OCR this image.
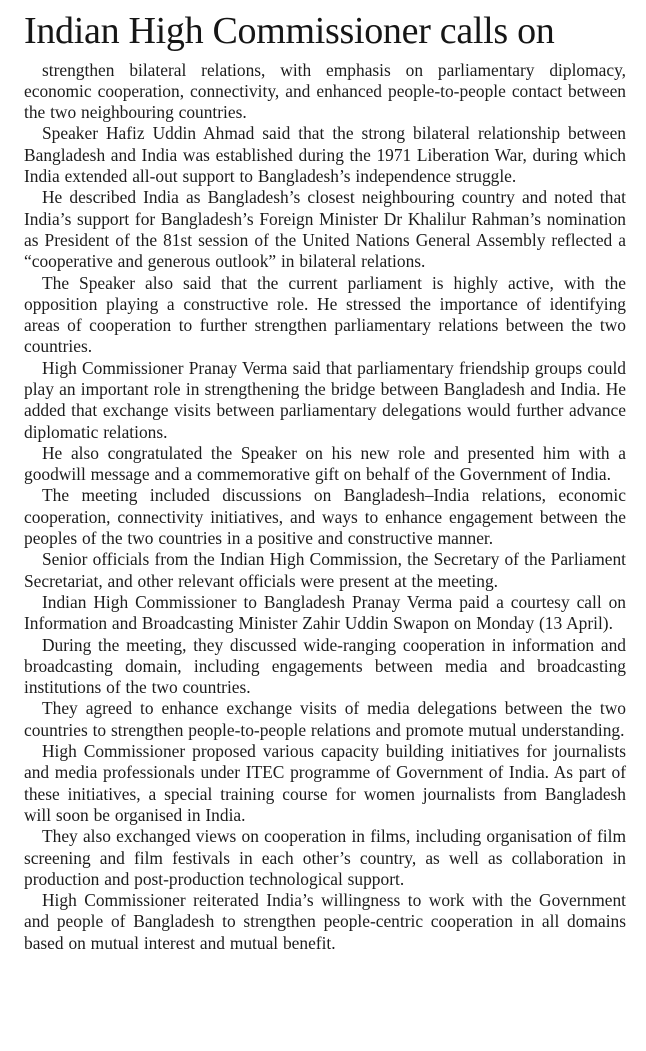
Indian High Commissioner calls on

strengthen bilateral relations, with emphasis on parliamentary diplomacy, economic cooperation, connectivity, and enhanced people-to-people contact between the two neighbouring countries.

Speaker Hafiz Uddin Ahmad said that the strong bilateral relationship between Bangladesh and India was established during the 1971 Liberation War, during which India extended all-out support to Bangladesh’s independence struggle.

He described India as Bangladesh’s closest neighbouring country and noted that India’s support for Bangladesh’s Foreign Minister Dr Khalilur Rahman’s nomination as President of the 81st session of the United Nations General Assembly reflected a “cooperative and generous outlook” in bilateral relations.

The Speaker also said that the current parliament is highly active, with the opposition playing a constructive role. He stressed the importance of identifying areas of cooperation to further strengthen parliamentary relations between the two countries.

High Commissioner Pranay Verma said that parliamentary friendship groups could play an important role in strengthening the bridge between Bangladesh and India. He added that exchange visits between parliamentary delegations would further advance diplomatic relations.

He also congratulated the Speaker on his new role and presented him with a goodwill message and a commemorative gift on behalf of the Government of India.

The meeting included discussions on Bangladesh–India relations, economic cooperation, connectivity initiatives, and ways to enhance engagement between the peoples of the two countries in a positive and constructive manner.

Senior officials from the Indian High Commission, the Secretary of the Parliament Secretariat, and other relevant officials were present at the meeting.

Indian High Commissioner to Bangladesh Pranay Verma paid a courtesy call on Information and Broadcasting Minister Zahir Uddin Swapon on Monday (13 April).

During the meeting, they discussed wide-ranging cooperation in information and broadcasting domain, including engagements between media and broadcasting institutions of the two countries.

They agreed to enhance exchange visits of media delegations between the two countries to strengthen people-to-people relations and promote mutual understanding.

High Commissioner proposed various capacity building initiatives for journalists and media professionals under ITEC programme of Government of India. As part of these initiatives, a special training course for women journalists from Bangladesh will soon be organised in India.

They also exchanged views on cooperation in films, including organisation of film screening and film festivals in each other’s country, as well as collaboration in production and post-production technological support.

High Commissioner reiterated India’s willingness to work with the Government and people of Bangladesh to strengthen people-centric cooperation in all domains based on mutual interest and mutual benefit.
